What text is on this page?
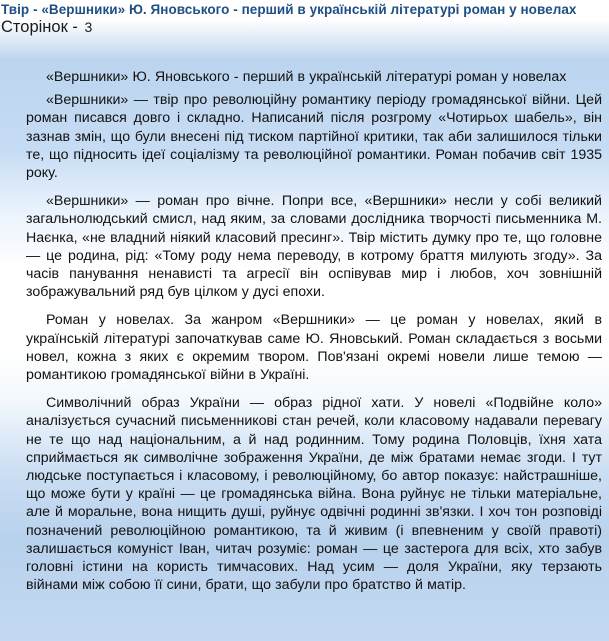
Твір - «Вершники» Ю. Яновського - перший в українській літературі роман у новелах

Сторінок - 3

«Вершники» Ю. Яновського - перший в українській літературі роман у новелах

«Вершники» — твір про революційну романтику періоду громадянської війни. Цей роман писався довго і складно. Написаний після розгрому «Чотирьох шабель», він зазнав змін, що були внесені під тиском партійної критики, так аби залишилося тільки те, що підносить ідеї соціалізму та революційної романтики. Роман побачив світ 1935 року.

«Вершники» — роман про вічне. Попри все, «Вершники» несли у собі великий загальнолюдський смисл, над яким, за словами дослідника творчості письменника М. Наєнка, «не владний ніякий класовий пресинг». Твір містить думку про те, що головне — це родина, рід: «Тому роду нема переводу, в котрому браття милують згоду». За часів панування ненависті та агресії він оспівував мир і любов, хоч зовнішній зображувальний ряд був цілком у дусі епохи.

Роман у новелах. За жанром «Вершники» — це роман у новелах, який в українській літературі започаткував саме Ю. Яновський. Роман складається з восьми новел, кожна з яких є окремим твором. Пов'язані окремі новели лише темою — романтикою громадянської війни в Україні.

Символічний образ України — образ рідної хати. У новелі «Подвійне коло» аналізується сучасний письменникові стан речей, коли класовому надавали перевагу не те що над національним, а й над родинним. Тому родина Половців, їхня хата сприймається як символічне зображення України, де між братами немає згоди. І тут людське поступається і класовому, і революційному, бо автор показує: найстрашніше, що може бути у країні — це громадянська війна. Вона руйнує не тільки матеріальне, але й моральне, вона нищить душі, руйнує одвічні родинні зв'язки. І хоч тон розповіді позначений революційною романтикою, та й живим (і впевненим у своїй правоті) залишається комуніст Іван, читач розуміє: роман — це застерога для всіх, хто забув головні істини на користь тимчасових. Над усим — доля України, яку терзають війнами між собою її сини, брати, що забули про братство й матір.
